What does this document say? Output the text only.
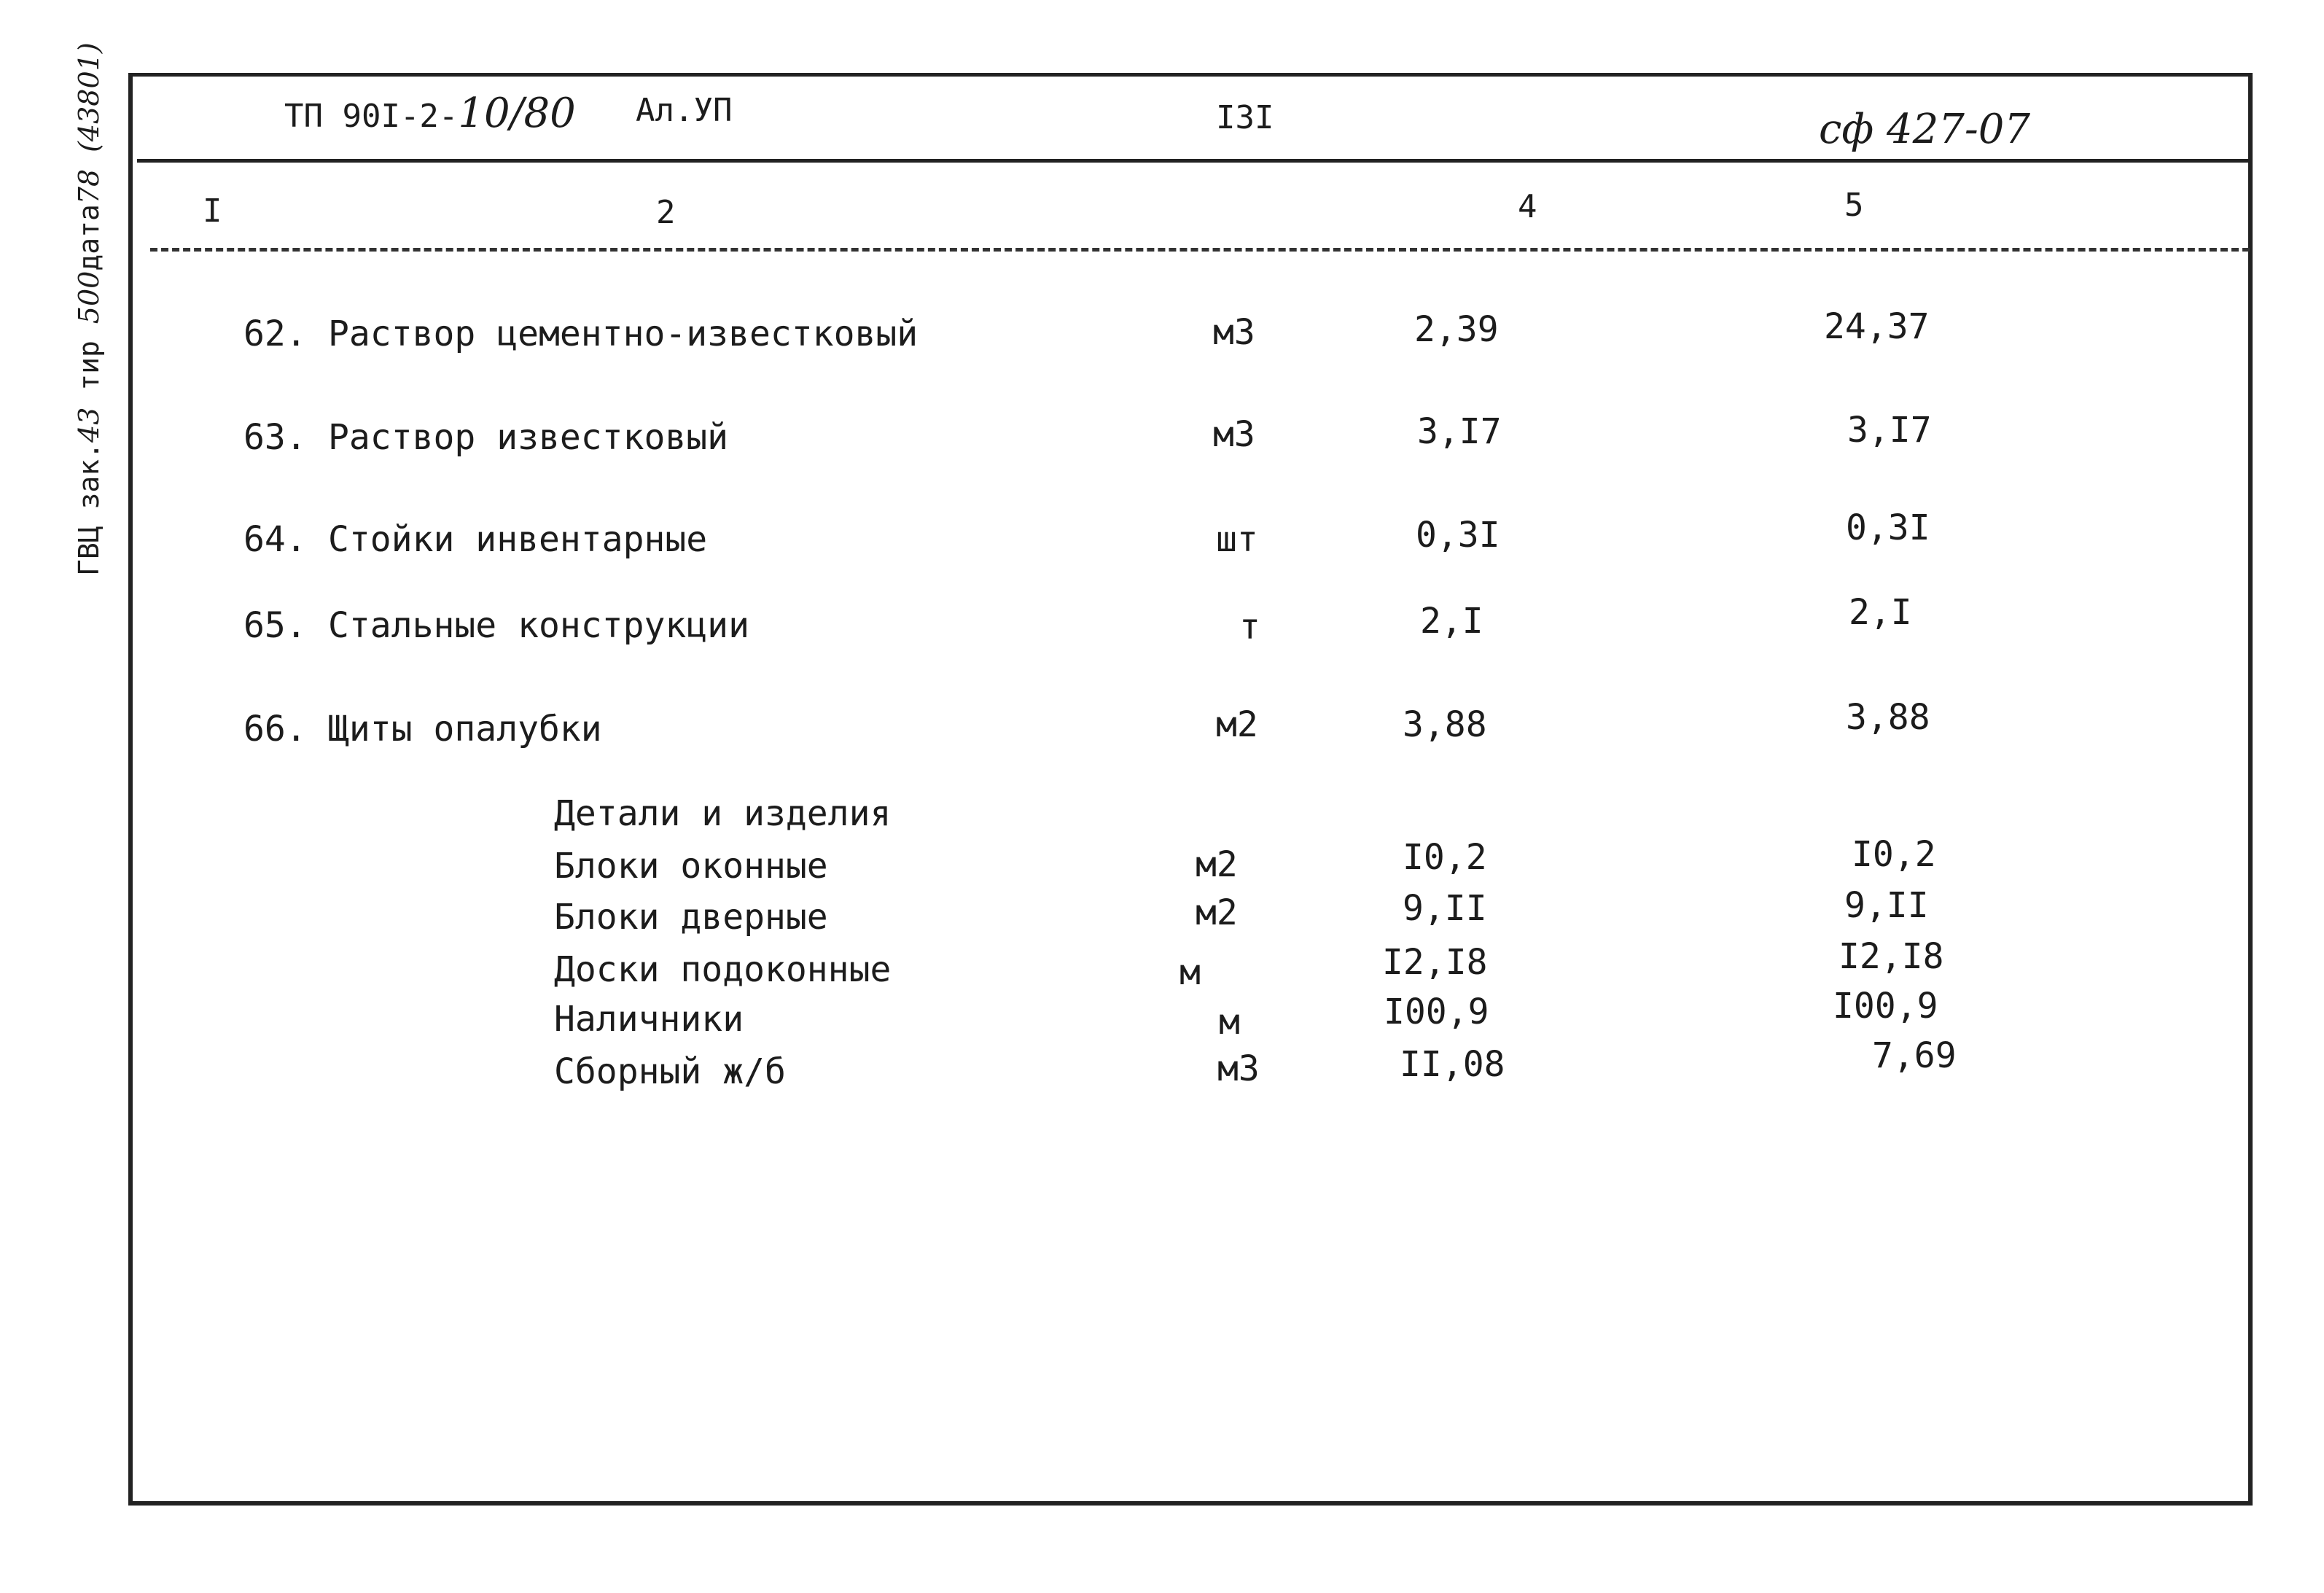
ГВЦ зак.43 тир 500дата78 (43801)	ТП 90I-2-10/80 Ал.УП	I3I	сф 427-07
I	2	4	5
62. Раствор цементно-известковый	м3	2,39	24,37
63. Раствор известковый	м3	3,I7	3,I7
64. Стойки инвентарные	шт	0,3I	0,3I
65. Стальные конструкции	т	2,I	2,I
66. Щиты опалубки	м2	3,88	3,88
Детали и изделия
Блоки оконные	м2	I0,2	I0,2
Блоки дверные	м2	9,II	9,II
Доски подоконные	м	I2,I8	I2,I8
Наличники	м	I00,9	I00,9
Сборный ж/б	м3	II,08	7,69
